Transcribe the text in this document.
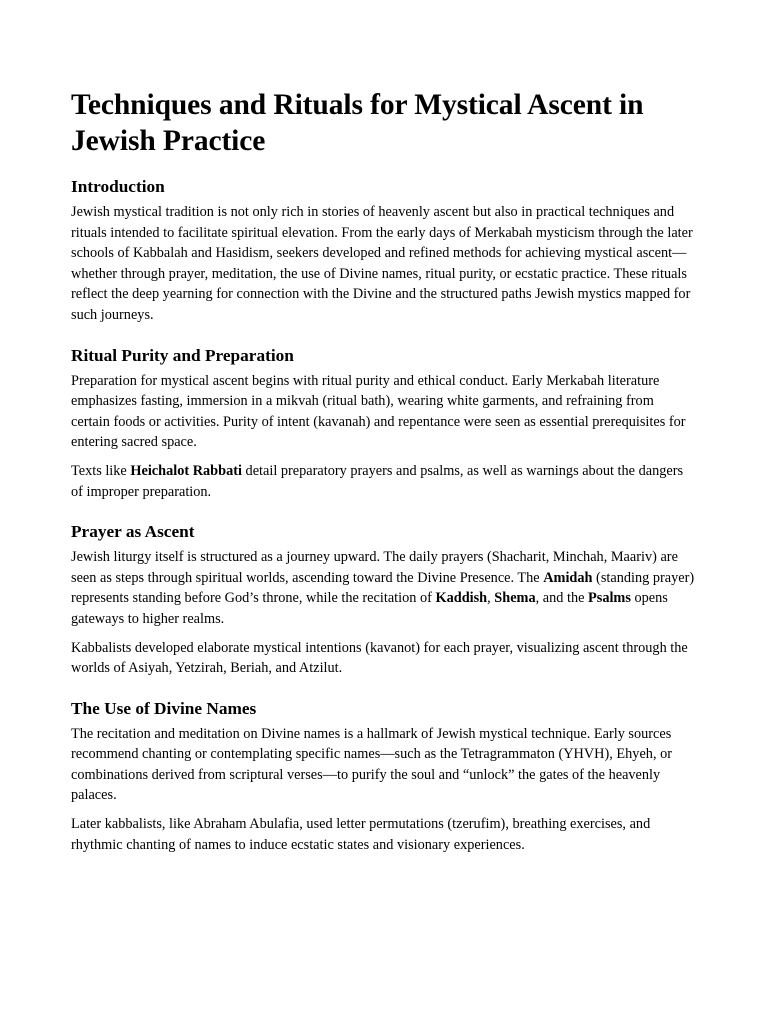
Techniques and Rituals for Mystical Ascent in Jewish Practice
Introduction

Jewish mystical tradition is not only rich in stories of heavenly ascent but also in practical techniques and rituals intended to facilitate spiritual elevation. From the early days of Merkabah mysticism through the later schools of Kabbalah and Hasidism, seekers developed and refined methods for achieving mystical ascent—whether through prayer, meditation, the use of Divine names, ritual purity, or ecstatic practice. These rituals reflect the deep yearning for connection with the Divine and the structured paths Jewish mystics mapped for such journeys.

Ritual Purity and Preparation

Preparation for mystical ascent begins with ritual purity and ethical conduct. Early Merkabah literature emphasizes fasting, immersion in a mikvah (ritual bath), wearing white garments, and refraining from certain foods or activities. Purity of intent (kavanah) and repentance were seen as essential prerequisites for entering sacred space.

Texts like Heichalot Rabbati detail preparatory prayers and psalms, as well as warnings about the dangers of improper preparation.

Prayer as Ascent

Jewish liturgy itself is structured as a journey upward. The daily prayers (Shacharit, Minchah, Maariv) are seen as steps through spiritual worlds, ascending toward the Divine Presence. The Amidah (standing prayer) represents standing before God’s throne, while the recitation of Kaddish, Shema, and the Psalms opens gateways to higher realms.

Kabbalists developed elaborate mystical intentions (kavanot) for each prayer, visualizing ascent through the worlds of Asiyah, Yetzirah, Beriah, and Atzilut.

The Use of Divine Names

The recitation and meditation on Divine names is a hallmark of Jewish mystical technique. Early sources recommend chanting or contemplating specific names—such as the Tetragrammaton (YHVH), Ehyeh, or combinations derived from scriptural verses—to purify the soul and “unlock” the gates of the heavenly palaces.

Later kabbalists, like Abraham Abulafia, used letter permutations (tzerufim), breathing exercises, and rhythmic chanting of names to induce ecstatic states and visionary experiences.
